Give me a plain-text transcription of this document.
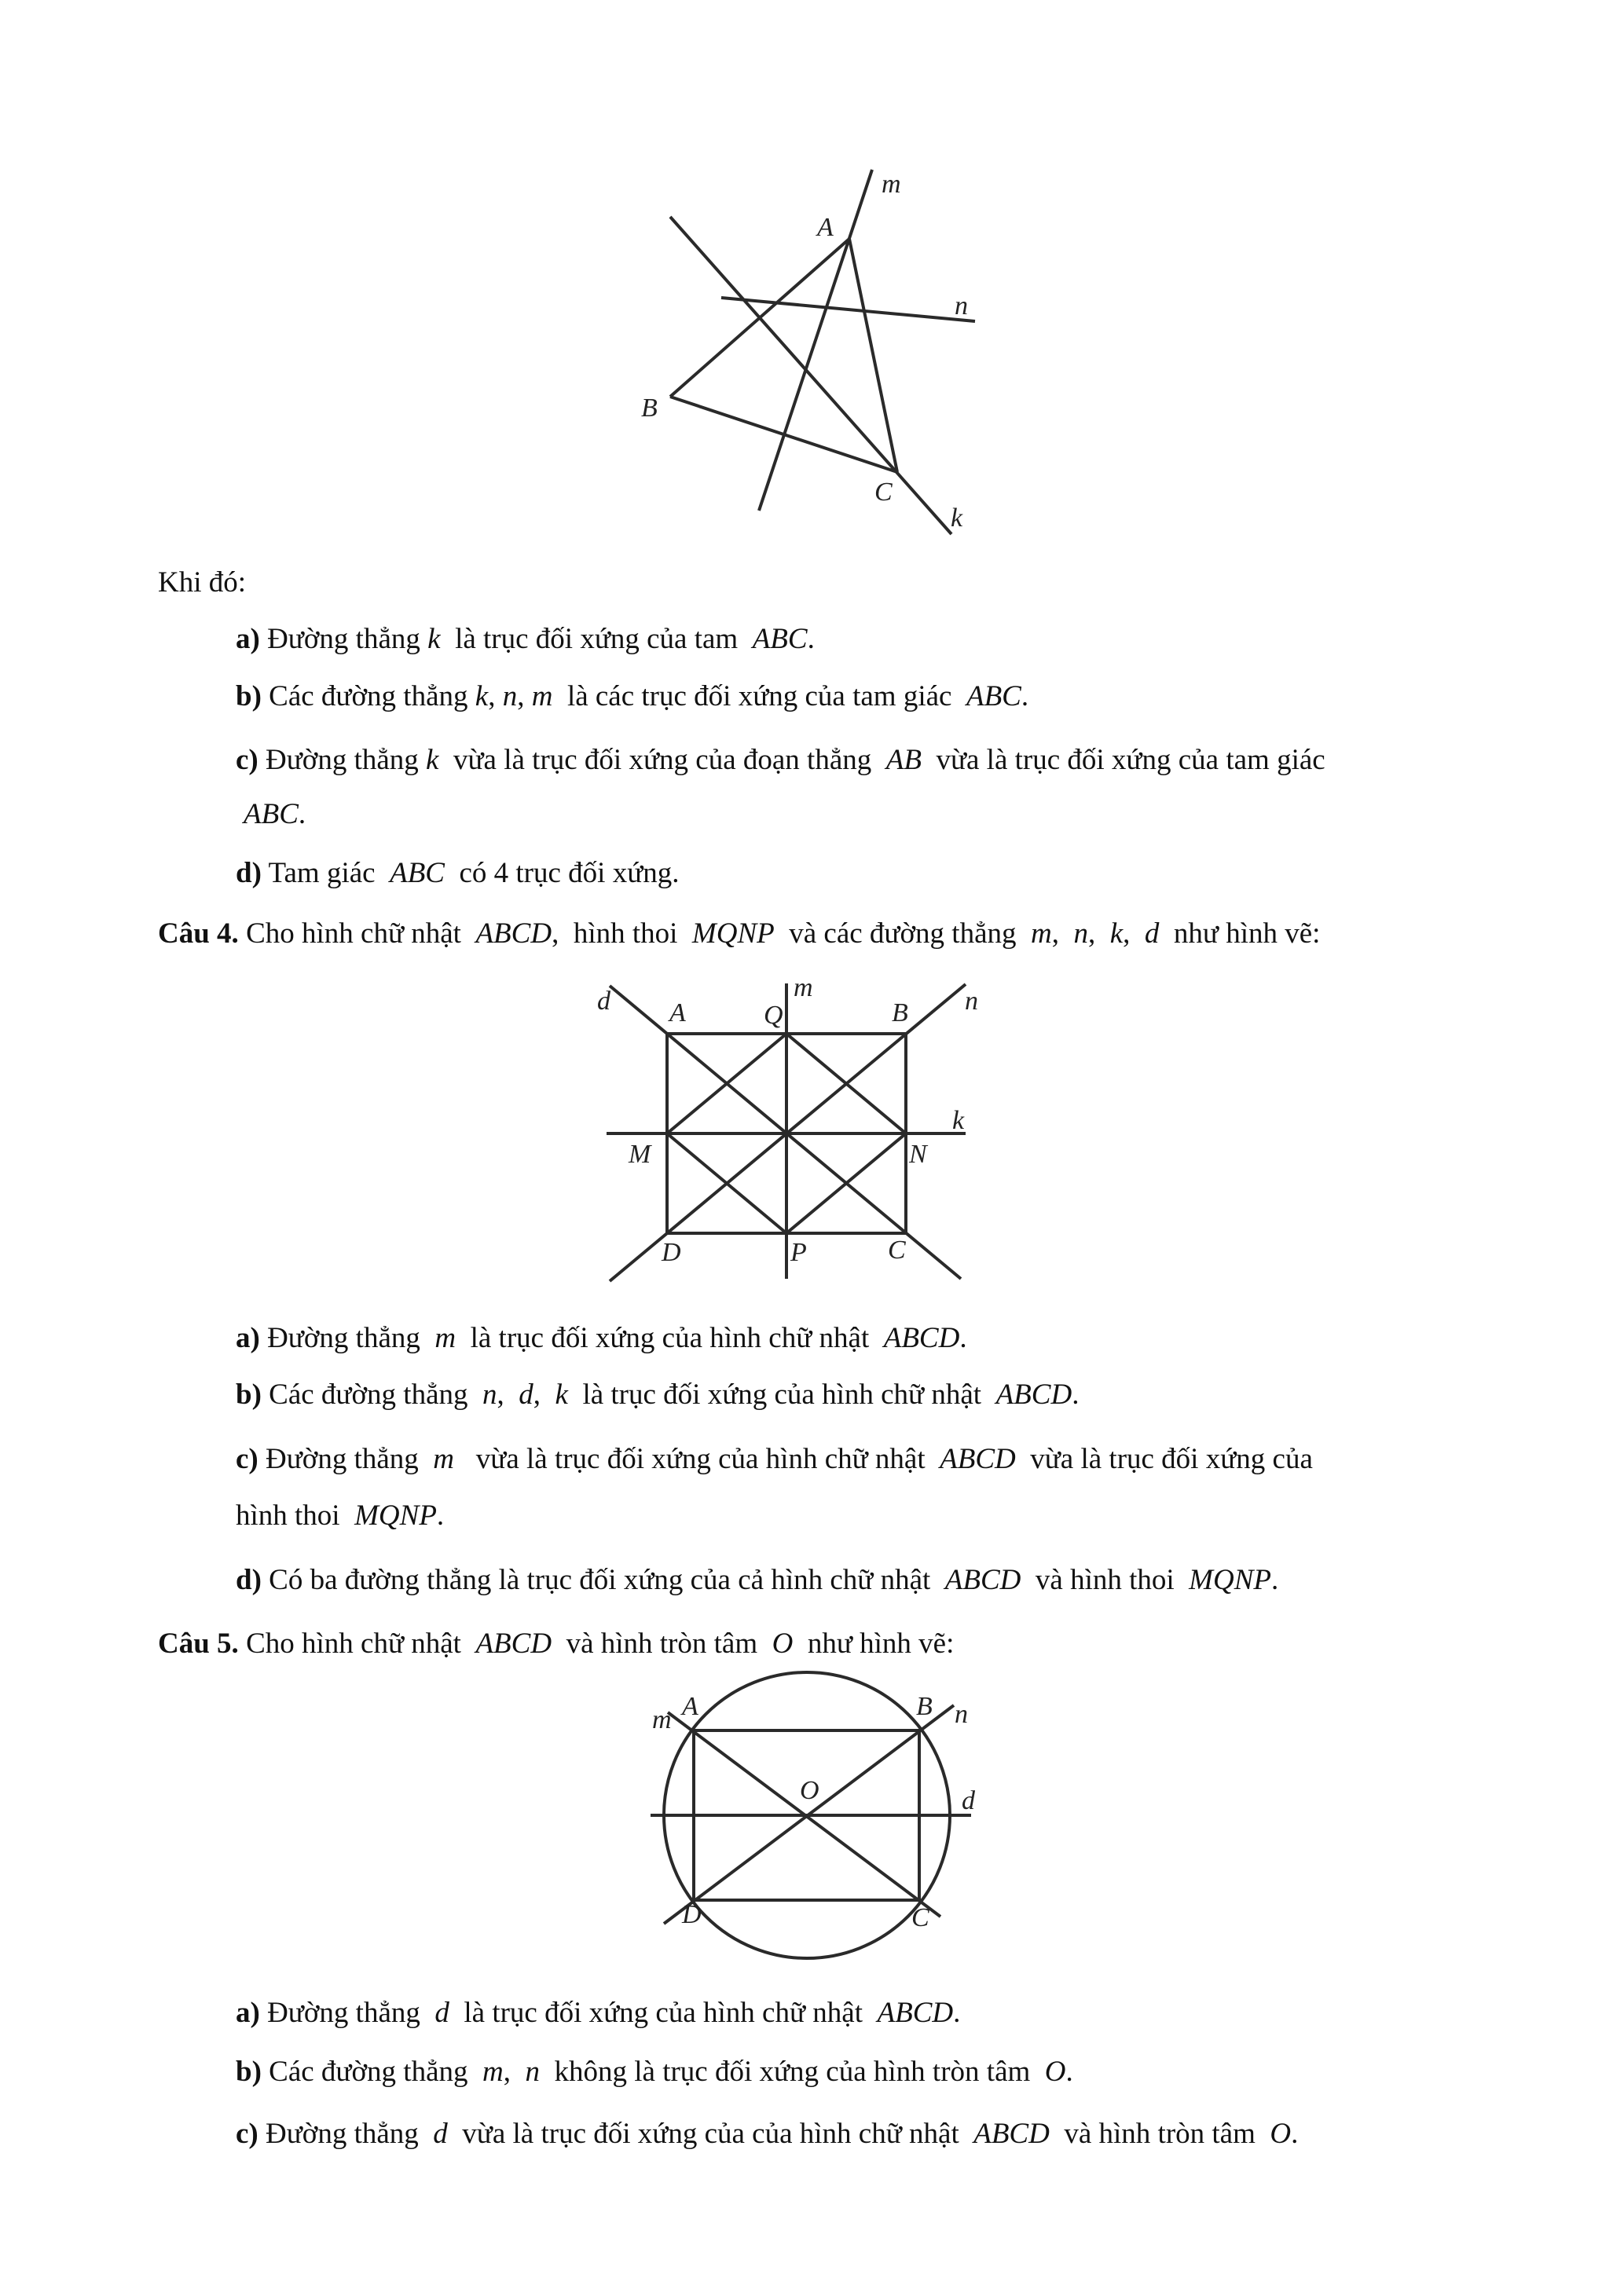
Khi đó:
a) Đường thẳng k  là trục đối xứng của tam  ABC.
b) Các đường thẳng k, n, m  là các trục đối xứng của tam giác  ABC.
c) Đường thẳng k  vừa là trục đối xứng của đoạn thẳng  AB  vừa là trục đối xứng của tam giác
ABC.
d) Tam giác  ABC  có 4 trục đối xứng.
Câu 4. Cho hình chữ nhật  ABCD,  hình thoi  MQNP  và các đường thẳng  m,  n,  k,  d  như hình vẽ:
a) Đường thẳng  m  là trục đối xứng của hình chữ nhật  ABCD.
b) Các đường thẳng  n,  d,  k  là trục đối xứng của hình chữ nhật  ABCD.
c) Đường thẳng  m   vừa là trục đối xứng của hình chữ nhật  ABCD  vừa là trục đối xứng của
hình thoi  MQNP.
d) Có ba đường thẳng là trục đối xứng của cả hình chữ nhật  ABCD  và hình thoi  MQNP.
Câu 5. Cho hình chữ nhật  ABCD  và hình tròn tâm  O  như hình vẽ:
a) Đường thẳng  d  là trục đối xứng của hình chữ nhật  ABCD.
b) Các đường thẳng  m,  n  không là trục đối xứng của hình tròn tâm  O.
c) Đường thẳng  d  vừa là trục đối xứng của của hình chữ nhật  ABCD  và hình tròn tâm  O.
m
A
n
B
C
k
d A	Q
m
B n
k
M	N
D	P	C
m A	B n
O	d
D	C
